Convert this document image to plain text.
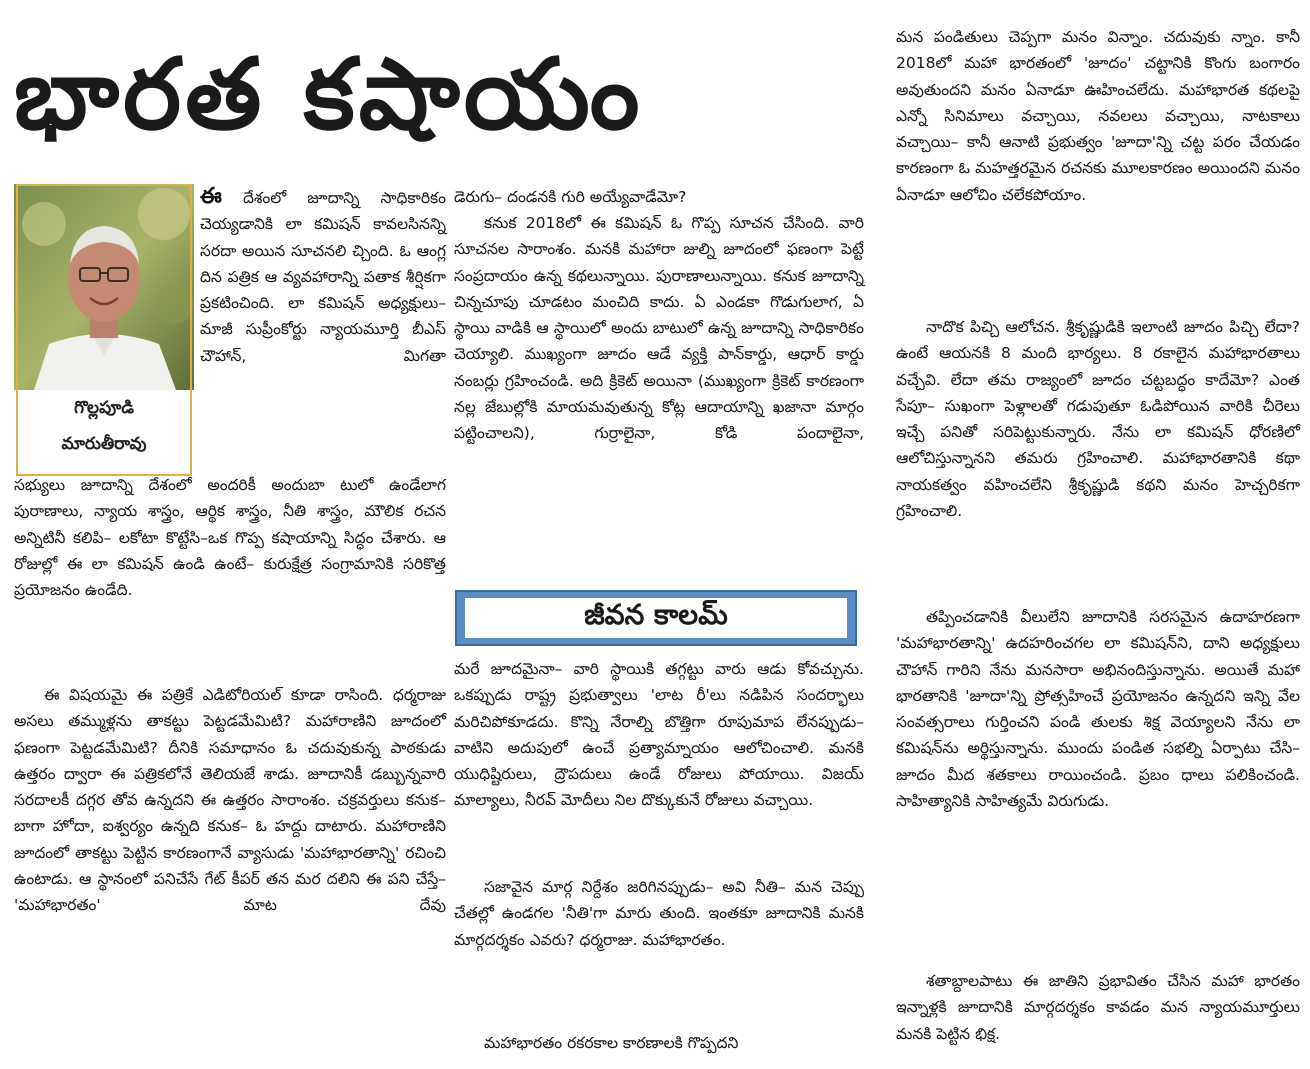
భారత కషాయం
గొల్లపూడి
మారుతీరావు

ఈ దేశంలో జూదాన్ని సాధికారికం చెయ్యడానికి లా కమిషన్ కావలసినన్ని సరదా అయిన సూచనలి చ్చింది. ఓ ఆంగ్ల దిన పత్రిక ఆ వ్యవహారాన్ని పతాక శీర్షికగా ప్రకటించింది. లా కమిషన్ అధ్యక్షులు– మాజీ సుప్రీంకోర్టు న్యాయమూర్తి బీఎస్ చౌహాన్, మిగతా

సభ్యులు జూదాన్ని దేశంలో అందరికీ అందుబా టులో ఉండేలాగ పురాణాలు, న్యాయ శాస్త్రం, ఆర్థిక శాస్త్రం, నీతి శాస్త్రం, మౌలిక రచన అన్నిటినీ కలిపి– లకోటా కొట్టేసి–ఒక గొప్ప కషాయాన్ని సిద్ధం చేశారు. ఆ రోజుల్లో ఈ లా కమిషన్ ఉండి ఉంటే– కురుక్షేత్ర సంగ్రామానికి సరికొత్త ప్రయోజనం ఉండేది.

ఈ విషయమై ఈ పత్రికే ఎడిటోరియల్ కూడా రాసింది. ధర్మరాజు అసలు తమ్ముళ్లను తాకట్టు పెట్టడమేమిటి? మహారాణిని జూదంలో ఫణంగా పెట్టడమేమిటి? దీనికి సమాధానం ఓ చదువుకున్న పాఠకుడు ఉత్తరం ద్వారా ఈ పత్రికలోనే తెలియజే శాడు. జూదానికీ డబ్బున్నవారి సరదాలకీ దగ్గర తోవ ఉన్నదని ఈ ఉత్తరం సారాంశం. చక్రవర్తులు కనుక– బాగా హోదా, ఐశ్వర్యం ఉన్నది కనుక– ఓ హద్దు దాటారు. మహారాణిని జూదంలో తాకట్టు పెట్టిన కారణంగానే వ్యాసుడు 'మహాభారతాన్ని' రచించి ఉంటాడు. ఆ స్థానంలో పనిచేసే గేట్ కీపర్ తన మర దలిని ఈ పని చేస్తే– 'మహాభారతం' మాట దేవు

డెరుగు– దండనకి గురి అయ్యేవాడేమో?

కనుక 2018లో ఈ కమిషన్ ఓ గొప్ప సూచన చేసింది. వారి సూచనల సారాంశం. మనకి మహారా జుల్ని జూదంలో ఫణంగా పెట్టే సంప్రదాయం ఉన్న కథలున్నాయి. పురాణాలున్నాయి. కనుక జూదాన్ని చిన్నచూపు చూడటం మంచిది కాదు. ఏ ఎండకా గొడుగులాగ, ఏ స్థాయి వాడికి ఆ స్థాయిలో అందు బాటులో ఉన్న జూదాన్ని సాధికారికం చెయ్యాలి. ముఖ్యంగా జూదం ఆడే వ్యక్తి పాన్‌కార్డు, ఆధార్ కార్డు నంబర్లు గ్రహించండి. అది క్రికెట్ అయినా (ముఖ్యంగా క్రికెట్ కారణంగా నల్ల జేబుల్లోకి మాయమవుతున్న కోట్ల ఆదాయాన్ని ఖజానా మార్గం పట్టించాలని), గుర్రాలైనా, కోడి పందాలైనా,

జీవన కాలమ్

మరే జూదమైనా– వారి స్థాయికి తగ్గట్టు వారు ఆడు కోవచ్చును. ఒకప్పుడు రాష్ట్ర ప్రభుత్వాలు 'లాట రీ'లు నడిపిన సందర్భాలు మరిచిపోకూడదు. కొన్ని నేరాల్ని బొత్తిగా రూపుమాప లేనప్పుడు– వాటిని అదుపులో ఉంచే ప్రత్యామ్నాయం ఆలోచించాలి. మనకి యుధిష్టిరులు, ద్రౌపదులు ఉండే రోజులు పోయాయి. విజయ్ మాల్యాలు, నీరవ్ మోదీలు నిల దొక్కుకునే రోజులు వచ్చాయి.

సజావైన మార్గ నిర్దేశం జరిగినప్పుడు– అవి నీతి– మన చెప్పు చేతల్లో ఉండగల 'నీతి'గా మారు తుంది. ఇంతకూ జూదానికి మనకి మార్గదర్శకం ఎవరు? ధర్మరాజు. మహాభారతం.

మహాభారతం రకరకాల కారణాలకి గొప్పదని

మన పండితులు చెప్పగా మనం విన్నాం. చదువుకు న్నాం. కానీ 2018లో మహా భారతంలో 'జూదం' చట్టానికి కొంగు బంగారం అవుతుందని మనం ఏనాడూ ఊహించలేదు. మహాభారత కథలపై ఎన్నో సినిమాలు వచ్చాయి, నవలలు వచ్చాయి, నాటకాలు వచ్చాయి– కానీ ఆనాటి ప్రభుత్వం 'జూదా'న్ని చట్ట పరం చేయడం కారణంగా ఓ మహత్తరమైన రచనకు మూలకారణం అయిందని మనం ఏనాడూ ఆలోచిం చలేకపోయాం.

నాదొక పిచ్చి ఆలోచన. శ్రీకృష్ణుడికి ఇలాంటి జూదం పిచ్చి లేదా? ఉంటే ఆయనకి 8 మంది భార్యలు. 8 రకాలైన మహాభారతాలు వచ్చేవి. లేదా తమ రాజ్యంలో జూదం చట్టబద్ధం కాదేమో? ఎంత సేపూ– సుఖంగా పెళ్లాలతో గడుపుతూ ఓడిపోయిన వారికి చీరెలు ఇచ్చే పనితో సరిపెట్టుకున్నారు. నేను లా కమిషన్ ధోరణిలో ఆలోచిస్తున్నానని తమరు గ్రహించాలి. మహాభారతానికి కథా నాయకత్వం వహించలేని శ్రీకృష్ణుడి కథని మనం హెచ్చరికగా గ్రహించాలి.

తప్పించడానికి వీలులేని జూదానికి సరసమైన ఉదాహరణగా 'మహాభారతాన్ని' ఉదహరించగల లా కమిషన్‌ని, దాని అధ్యక్షులు చౌహాన్ గారిని నేను మనసారా అభినందిస్తున్నాను. అయితే మహా భారతానికి 'జూదా'న్ని ప్రోత్సహించే ప్రయోజనం ఉన్నదని ఇన్ని వేల సంవత్సరాలు గుర్తించని పండి తులకు శిక్ష వెయ్యాలని నేను లా కమిషన్‌ను అర్థిస్తున్నాను. ముందు పండిత సభల్ని ఏర్పాటు చేసి– జూదం మీద శతకాలు రాయించండి. ప్రబం ధాలు పలికించండి. సాహిత్యానికి సాహిత్యమే విరుగుడు.

శతాబ్దాలపాటు ఈ జాతిని ప్రభావితం చేసిన మహా భారతం ఇన్నాళ్లకి జూదానికి మార్గదర్శకం కావడం మన న్యాయమూర్తులు మనకి పెట్టిన భిక్ష.
